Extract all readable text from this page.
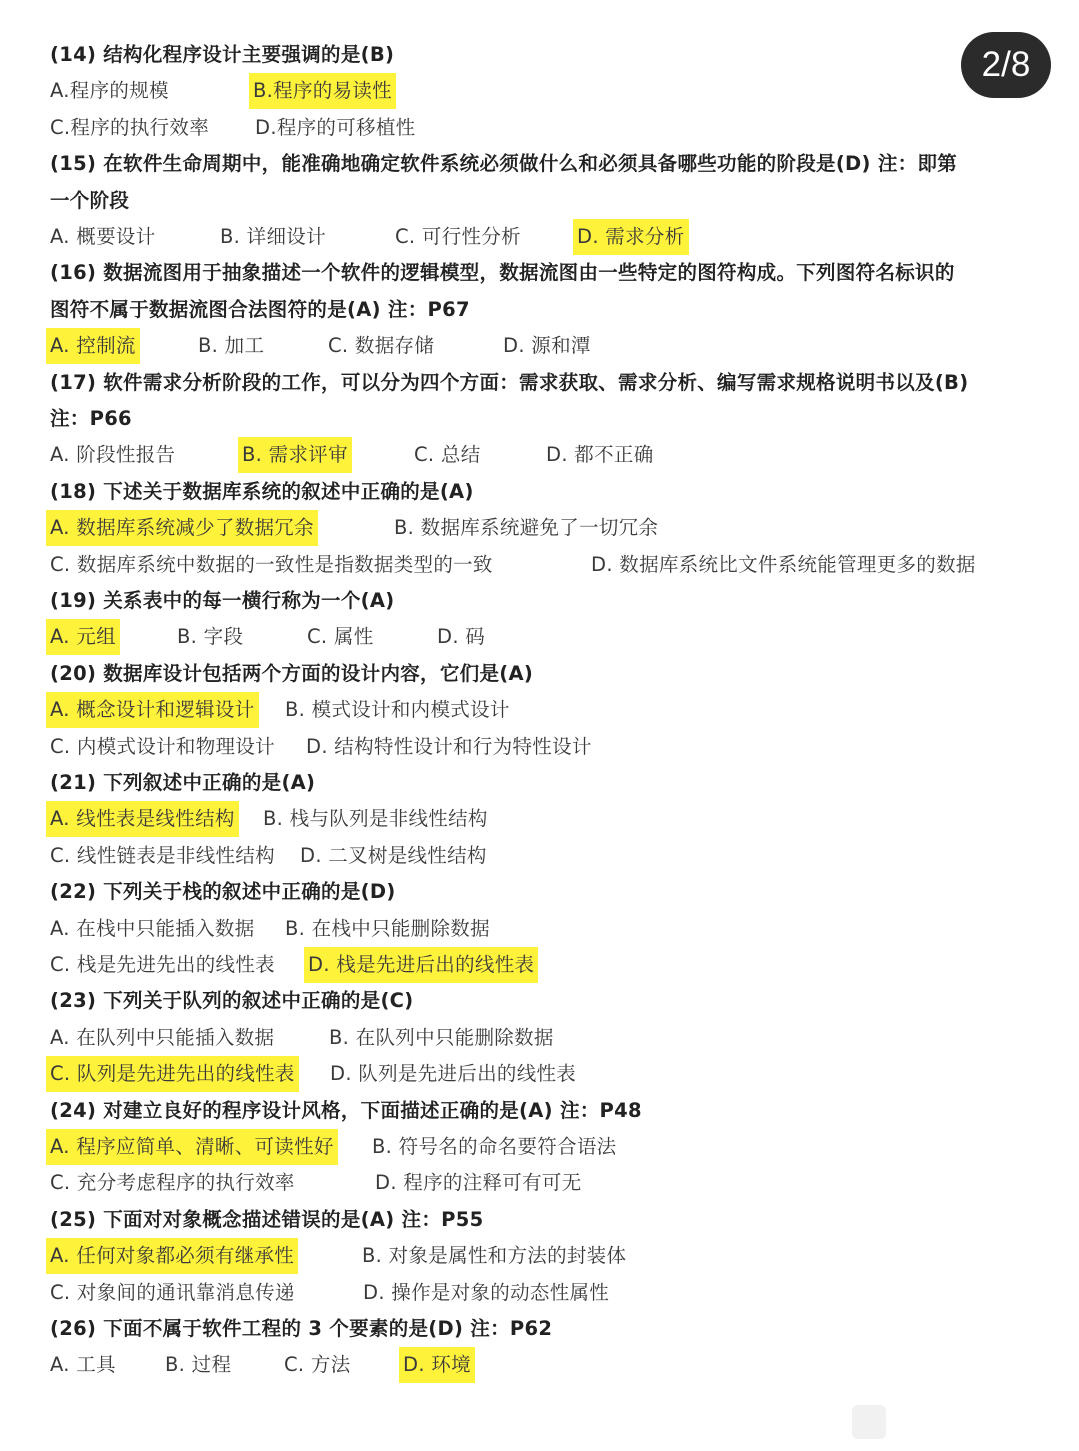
2/8
(14) 结构化程序设计主要强调的是(B)
A.程序的规模	B.程序的易读性
C.程序的执行效率 D.程序的可移植性
(15) 在软件生命周期中，能准确地确定软件系统必须做什么和必须具备哪些功能的阶段是(D) 注：即第
一个阶段
A. 概要设计	B. 详细设计	C. 可行性分析	D. 需求分析
(16) 数据流图用于抽象描述一个软件的逻辑模型，数据流图由一些特定的图符构成。下列图符名标识的
图符不属于数据流图合法图符的是(A) 注：P67
A. 控制流	B. 加工	C. 数据存储	D. 源和潭
(17) 软件需求分析阶段的工作，可以分为四个方面：需求获取、需求分析、编写需求规格说明书以及(B)
注：P66
A. 阶段性报告	B. 需求评审	C. 总结	D. 都不正确
(18) 下述关于数据库系统的叙述中正确的是(A)
A. 数据库系统减少了数据冗余	B. 数据库系统避免了一切冗余
C. 数据库系统中数据的一致性是指数据类型的一致	D. 数据库系统比文件系统能管理更多的数据
(19) 关系表中的每一横行称为一个(A)
A. 元组	B. 字段	C. 属性	D. 码
(20) 数据库设计包括两个方面的设计内容，它们是(A)
A. 概念设计和逻辑设计 B. 模式设计和内模式设计
C. 内模式设计和物理设计 D. 结构特性设计和行为特性设计
(21) 下列叙述中正确的是(A)
A. 线性表是线性结构 B. 栈与队列是非线性结构
C. 线性链表是非线性结构 D. 二叉树是线性结构
(22) 下列关于栈的叙述中正确的是(D)
A. 在栈中只能插入数据 B. 在栈中只能删除数据
C. 栈是先进先出的线性表 D. 栈是先进后出的线性表
(23) 下列关于队列的叙述中正确的是(C)
A. 在队列中只能插入数据	B. 在队列中只能删除数据
C. 队列是先进先出的线性表 D. 队列是先进后出的线性表
(24) 对建立良好的程序设计风格，下面描述正确的是(A) 注：P48
A. 程序应简单、清晰、可读性好 B. 符号名的命名要符合语法
C. 充分考虑程序的执行效率	D. 程序的注释可有可无
(25) 下面对对象概念描述错误的是(A) 注：P55
A. 任何对象都必须有继承性	B. 对象是属性和方法的封装体
C. 对象间的通讯靠消息传递	D. 操作是对象的动态性属性
(26) 下面不属于软件工程的 3 个要素的是(D) 注：P62
A. 工具	B. 过程	C. 方法	D. 环境
